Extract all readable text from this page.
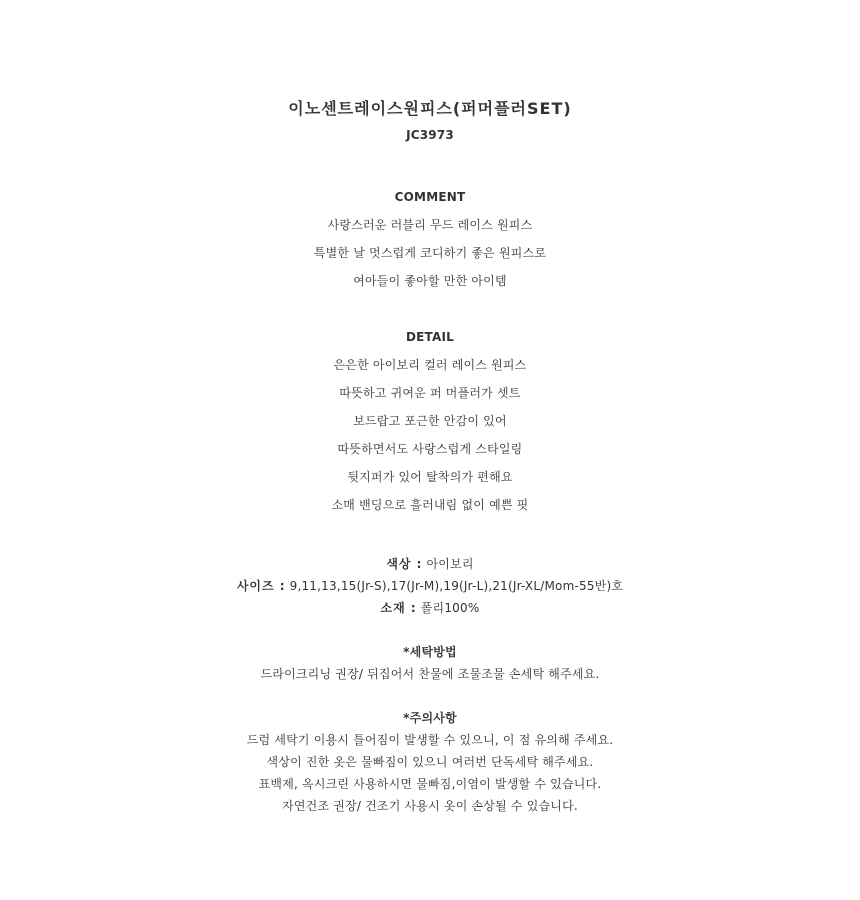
이노센트레이스원피스(퍼머플러SET)
JC3973
COMMENT
사랑스러운 러블리 무드 레이스 원피스
특별한 날 멋스럽게 코디하기 좋은 원피스로
여아들이 좋아할 만한 아이템
DETAIL
은은한 아이보리 컬러 레이스 원피스
따뜻하고 귀여운 퍼 머플러가 셋트
보드랍고 포근한 안감이 있어
따뜻하면서도 사랑스럽게 스타일링
뒷지퍼가 있어 탈착의가 편해요
소매 밴딩으로 흘러내림 없이 예쁜 핏
색상 : 아이보리
사이즈 : 9,11,13,15(Jr-S),17(Jr-M),19(Jr-L),21(Jr-XL/Mom-55반)호
소재 : 폴리100%
*세탁방법
드라이크리닝 권장/ 뒤집어서 찬물에 조물조물 손세탁 해주세요.
*주의사항
드럼 세탁기 이용시 틀어짐이 발생할 수 있으니, 이 점 유의해 주세요.
색상이 진한 옷은 물빠짐이 있으니 여러번 단독세탁 해주세요.
표백제, 옥시크린 사용하시면 물빠짐,이염이 발생할 수 있습니다.
자연건조 권장/ 건조기 사용시 옷이 손상될 수 있습니다.
